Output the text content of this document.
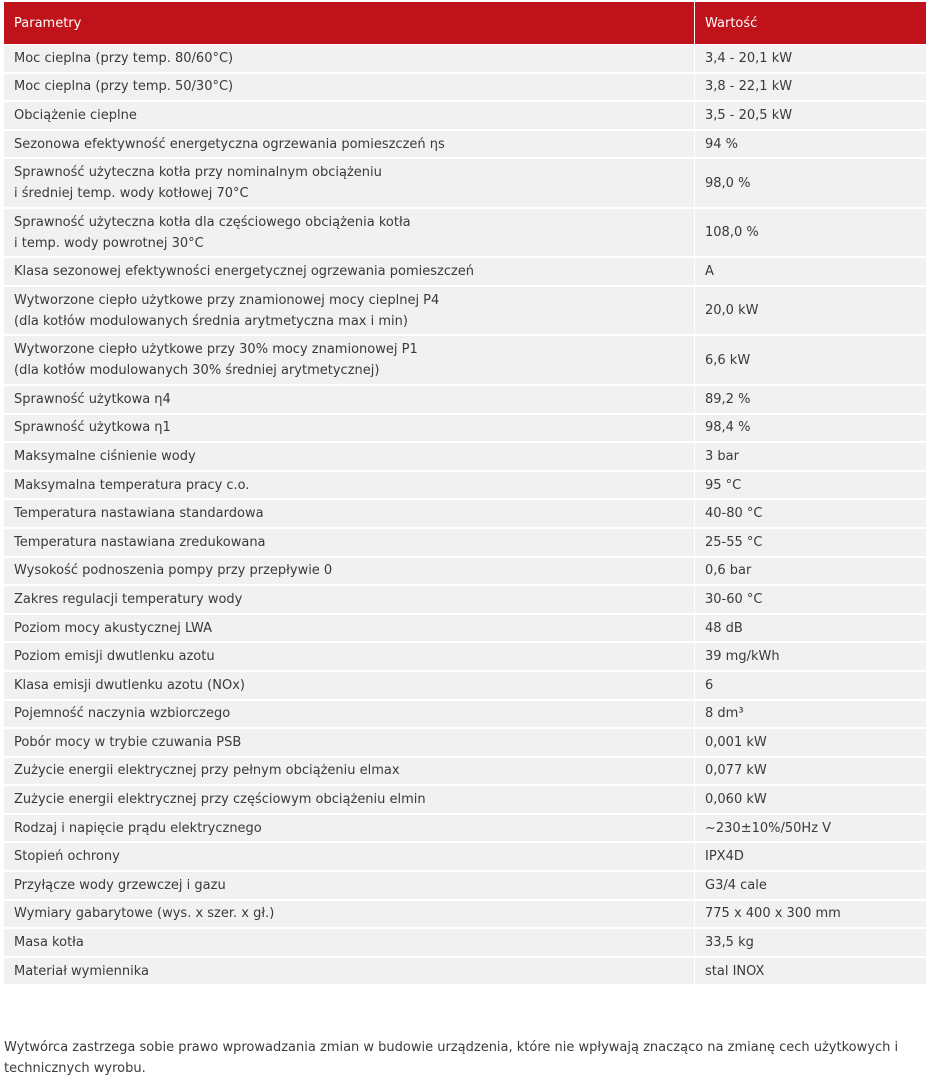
Parametry	Wartość

Moc cieplna (przy temp. 80/60°C)	3,4 - 20,1 kW

Moc cieplna (przy temp. 50/30°C)	3,8 - 22,1 kW

Obciążenie cieplne	3,5 - 20,5 kW

Sezonowa efektywność energetyczna ogrzewania pomieszczeń ηs	94 %

Sprawność użyteczna kotła przy nominalnym obciążeniu
i średniej temp. wody kotłowej 70°C	98,0 %

Sprawność użyteczna kotła dla częściowego obciążenia kotła
i temp. wody powrotnej 30°C	108,0 %

Klasa sezonowej efektywności energetycznej ogrzewania pomieszczeń	A

Wytworzone ciepło użytkowe przy znamionowej mocy cieplnej P4
(dla kotłów modulowanych średnia arytmetyczna max i min)	20,0 kW

Wytworzone ciepło użytkowe przy 30% mocy znamionowej P1
(dla kotłów modulowanych 30% średniej arytmetycznej)	6,6 kW

Sprawność użytkowa η4	89,2 %

Sprawność użytkowa η1	98,4 %

Maksymalne ciśnienie wody	3 bar

Maksymalna temperatura pracy c.o.	95 °C

Temperatura nastawiana standardowa	40-80 °C

Temperatura nastawiana zredukowana	25-55 °C

Wysokość podnoszenia pompy przy przepływie 0	0,6 bar

Zakres regulacji temperatury wody	30-60 °C

Poziom mocy akustycznej LWA	48 dB

Poziom emisji dwutlenku azotu	39 mg/kWh

Klasa emisji dwutlenku azotu (NOx)	6

Pojemność naczynia wzbiorczego	8 dm³

Pobór mocy w trybie czuwania PSB	0,001 kW

Zużycie energii elektrycznej przy pełnym obciążeniu elmax	0,077 kW

Zużycie energii elektrycznej przy częściowym obciążeniu elmin	0,060 kW

Rodzaj i napięcie prądu elektrycznego	~230±10%/50Hz V

Stopień ochrony	IPX4D

Przyłącze wody grzewczej i gazu	G3/4 cale

Wymiary gabarytowe (wys. x szer. x gł.)	775 x 400 x 300 mm

Masa kotła	33,5 kg

Materiał wymiennika	stal INOX
Wytwórca zastrzega sobie prawo wprowadzania zmian w budowie urządzenia, które nie wpływają znacząco na zmianę cech użytkowych i technicznych wyrobu.
